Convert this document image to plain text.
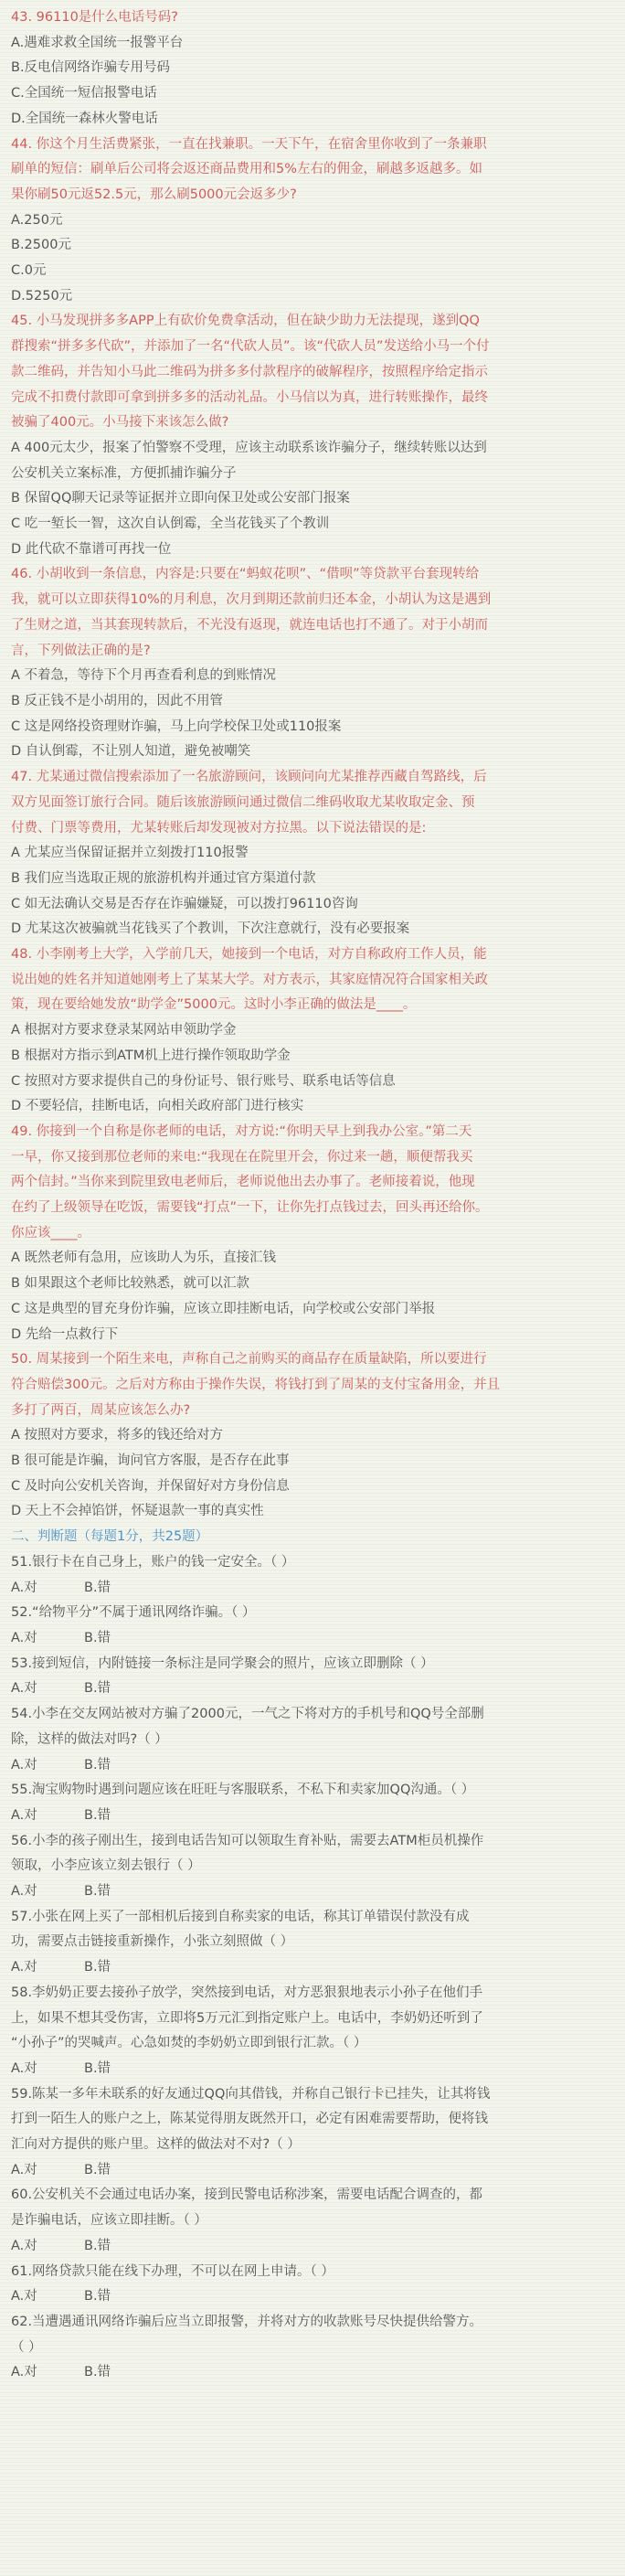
43. 96110是什么电话号码?
A.遇难求救全国统一报警平台
B.反电信网络诈骗专用号码
C.全国统一短信报警电话
D.全国统一森林火警电话
44. 你这个月生活费紧张，一直在找兼职。一天下午，在宿舍里你收到了一条兼职
刷单的短信：刷单后公司将会返还商品费用和5%左右的佣金，刷越多返越多。如
果你刷50元返52.5元，那么刷5000元会返多少?
A.250元
B.2500元
C.0元
D.5250元
45. 小马发现拼多多APP上有砍价免费拿活动，但在缺少助力无法提现，遂到QQ
群搜索“拼多多代砍”，并添加了一名“代砍人员”。该“代砍人员”发送给小马一个付
款二维码，并告知小马此二维码为拼多多付款程序的破解程序，按照程序给定指示
完成不扣费付款即可拿到拼多多的活动礼品。小马信以为真，进行转账操作，最终
被骗了400元。小马接下来该怎么做?
A 400元太少，报案了怕警察不受理，应该主动联系该诈骗分子，继续转账以达到
公安机关立案标准，方便抓捕诈骗分子
B 保留QQ聊天记录等证据并立即向保卫处或公安部门报案
C 吃一堑长一智，这次自认倒霉，全当花钱买了个教训
D 此代砍不靠谱可再找一位
46. 小胡收到一条信息，内容是:只要在“蚂蚁花呗”、“借呗”等贷款平台套现转给
我，就可以立即获得10%的月利息，次月到期还款前归还本金，小胡认为这是遇到
了生财之道，当其套现转款后，不光没有返现，就连电话也打不通了。对于小胡而
言，下列做法正确的是?
A 不着急，等待下个月再查看利息的到账情况
B 反正钱不是小胡用的，因此不用管
C 这是网络投资理财诈骗，马上向学校保卫处或110报案
D 自认倒霉，不让别人知道，避免被嘲笑
47. 尤某通过微信搜索添加了一名旅游顾问，该顾问向尤某推荐西藏自驾路线，后
双方见面签订旅行合同。随后该旅游顾问通过微信二维码收取尤某收取定金、预
付费、门票等费用，尤某转账后却发现被对方拉黑。以下说法错误的是:
A 尤某应当保留证据并立刻拨打110报警
B 我们应当选取正规的旅游机构并通过官方渠道付款
C 如无法确认交易是否存在诈骗嫌疑，可以拨打96110咨询
D 尤某这次被骗就当花钱买了个教训，下次注意就行，没有必要报案
48. 小李刚考上大学，入学前几天，她接到一个电话，对方自称政府工作人员，能
说出她的姓名并知道她刚考上了某某大学。对方表示，其家庭情况符合国家相关政
策，现在要给她发放“助学金”5000元。这时小李正确的做法是____。
A 根据对方要求登录某网站申领助学金
B 根据对方指示到ATM机上进行操作领取助学金
C 按照对方要求提供自己的身份证号、银行账号、联系电话等信息
D 不要轻信，挂断电话，向相关政府部门进行核实
49. 你接到一个自称是你老师的电话，对方说:“你明天早上到我办公室。”第二天
一早，你又接到那位老师的来电:“我现在在院里开会，你过来一趟，顺便帮我买
两个信封。”当你来到院里致电老师后，老师说他出去办事了。老师接着说，他现
在约了上级领导在吃饭，需要钱“打点”一下，让你先打点钱过去，回头再还给你。
你应该____。
A 既然老师有急用，应该助人为乐，直接汇钱
B 如果跟这个老师比较熟悉，就可以汇款
C 这是典型的冒充身份诈骗，应该立即挂断电话，向学校或公安部门举报
D 先给一点救行下
50. 周某接到一个陌生来电，声称自己之前购买的商品存在质量缺陷，所以要进行
符合赔偿300元。之后对方称由于操作失误，将钱打到了周某的支付宝备用金，并且
多打了两百，周某应该怎么办?
A 按照对方要求，将多的钱还给对方
B 很可能是诈骗，询问官方客服，是否存在此事
C 及时向公安机关咨询，并保留好对方身份信息
D 天上不会掉馅饼，怀疑退款一事的真实性
二、判断题（每题1分，共25题）
51.银行卡在自己身上，账户的钱一定安全。（ ）
A.对	B.错
52.“给物平分”不属于通讯网络诈骗。（ ）
A.对	B.错
53.接到短信，内附链接一条标注是同学聚会的照片，应该立即删除（ ）
A.对	B.错
54.小李在交友网站被对方骗了2000元，一气之下将对方的手机号和QQ号全部删
除，这样的做法对吗?（ ）
A.对	B.错
55.淘宝购物时遇到问题应该在旺旺与客服联系，不私下和卖家加QQ沟通。（ ）
A.对	B.错
56.小李的孩子刚出生，接到电话告知可以领取生育补贴，需要去ATM柜员机操作
领取，小李应该立刻去银行（ ）
A.对	B.错
57.小张在网上买了一部相机后接到自称卖家的电话，称其订单错误付款没有成
功，需要点击链接重新操作，小张立刻照做（ ）
A.对	B.错
58.李奶奶正要去接孙子放学，突然接到电话，对方恶狠狠地表示小孙子在他们手
上，如果不想其受伤害，立即将5万元汇到指定账户上。电话中，李奶奶还听到了
“小孙子”的哭喊声。心急如焚的李奶奶立即到银行汇款。（ ）
A.对	B.错
59.陈某一多年未联系的好友通过QQ向其借钱，并称自己银行卡已挂失，让其将钱
打到一陌生人的账户之上，陈某觉得朋友既然开口，必定有困难需要帮助，便将钱
汇向对方提供的账户里。这样的做法对不对?（ ）
A.对	B.错
60.公安机关不会通过电话办案，接到民警电话称涉案，需要电话配合调查的，都
是诈骗电话，应该立即挂断。（ ）
A.对	B.错
61.网络贷款只能在线下办理，不可以在网上申请。（ ）
A.对	B.错
62.当遭遇通讯网络诈骗后应当立即报警，并将对方的收款账号尽快提供给警方。
（ ）
A.对	B.错
